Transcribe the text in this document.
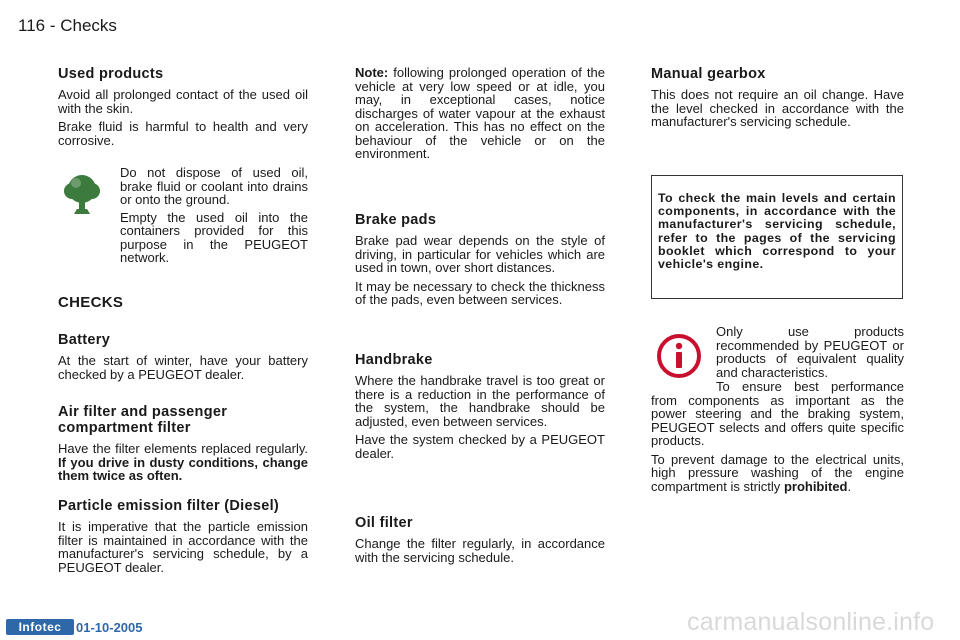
116 - Checks
Used products

Avoid all prolonged contact of the used oil with the skin.

Brake fluid is harmful to health and very corrosive.

Do not dispose of used oil, brake fluid or coolant into drains or onto the ground.

Empty the used oil into the containers provided for this purpose in the PEUGEOT network.

CHECKS
Battery

At the start of winter, have your battery checked by a PEUGEOT dealer.

Air filter and passenger compartment filter

Have the filter elements replaced regularly. If you drive in dusty conditions, change them twice as often.

Particle emission filter (Diesel)

It is imperative that the particle emission filter is maintained in accordance with the manufacturer's servicing schedule, by a PEUGEOT dealer.

Note: following prolonged operation of the vehicle at very low speed or at idle, you may, in exceptional cases, notice discharges of water vapour at the exhaust on acceleration. This has no effect on the behaviour of the vehicle or on the environment.

Brake pads

Brake pad wear depends on the style of driving, in particular for vehicles which are used in town, over short distances.

It may be necessary to check the thickness of the pads, even between services.

Handbrake

Where the handbrake travel is too great or there is a reduction in the performance of the system, the handbrake should be adjusted, even between services.

Have the system checked by a PEUGEOT dealer.

Oil filter

Change the filter regularly, in accordance with the servicing schedule.

Manual gearbox

This does not require an oil change. Have the level checked in accordance with the manufacturer's servicing schedule.

To check the main levels and certain components, in accordance with the manufacturer's servicing schedule, refer to the pages of the servicing booklet which correspond to your vehicle's engine.

Only use products recommended by PEUGEOT or products of equivalent quality and characteristics.

To ensure best performance from components as important as the power steering and the braking system, PEUGEOT selects and offers quite specific products.

To prevent damage to the electrical units, high pressure washing of the engine compartment is strictly prohibited.

Infotec	01-10-2005	carmanualsonline.info
